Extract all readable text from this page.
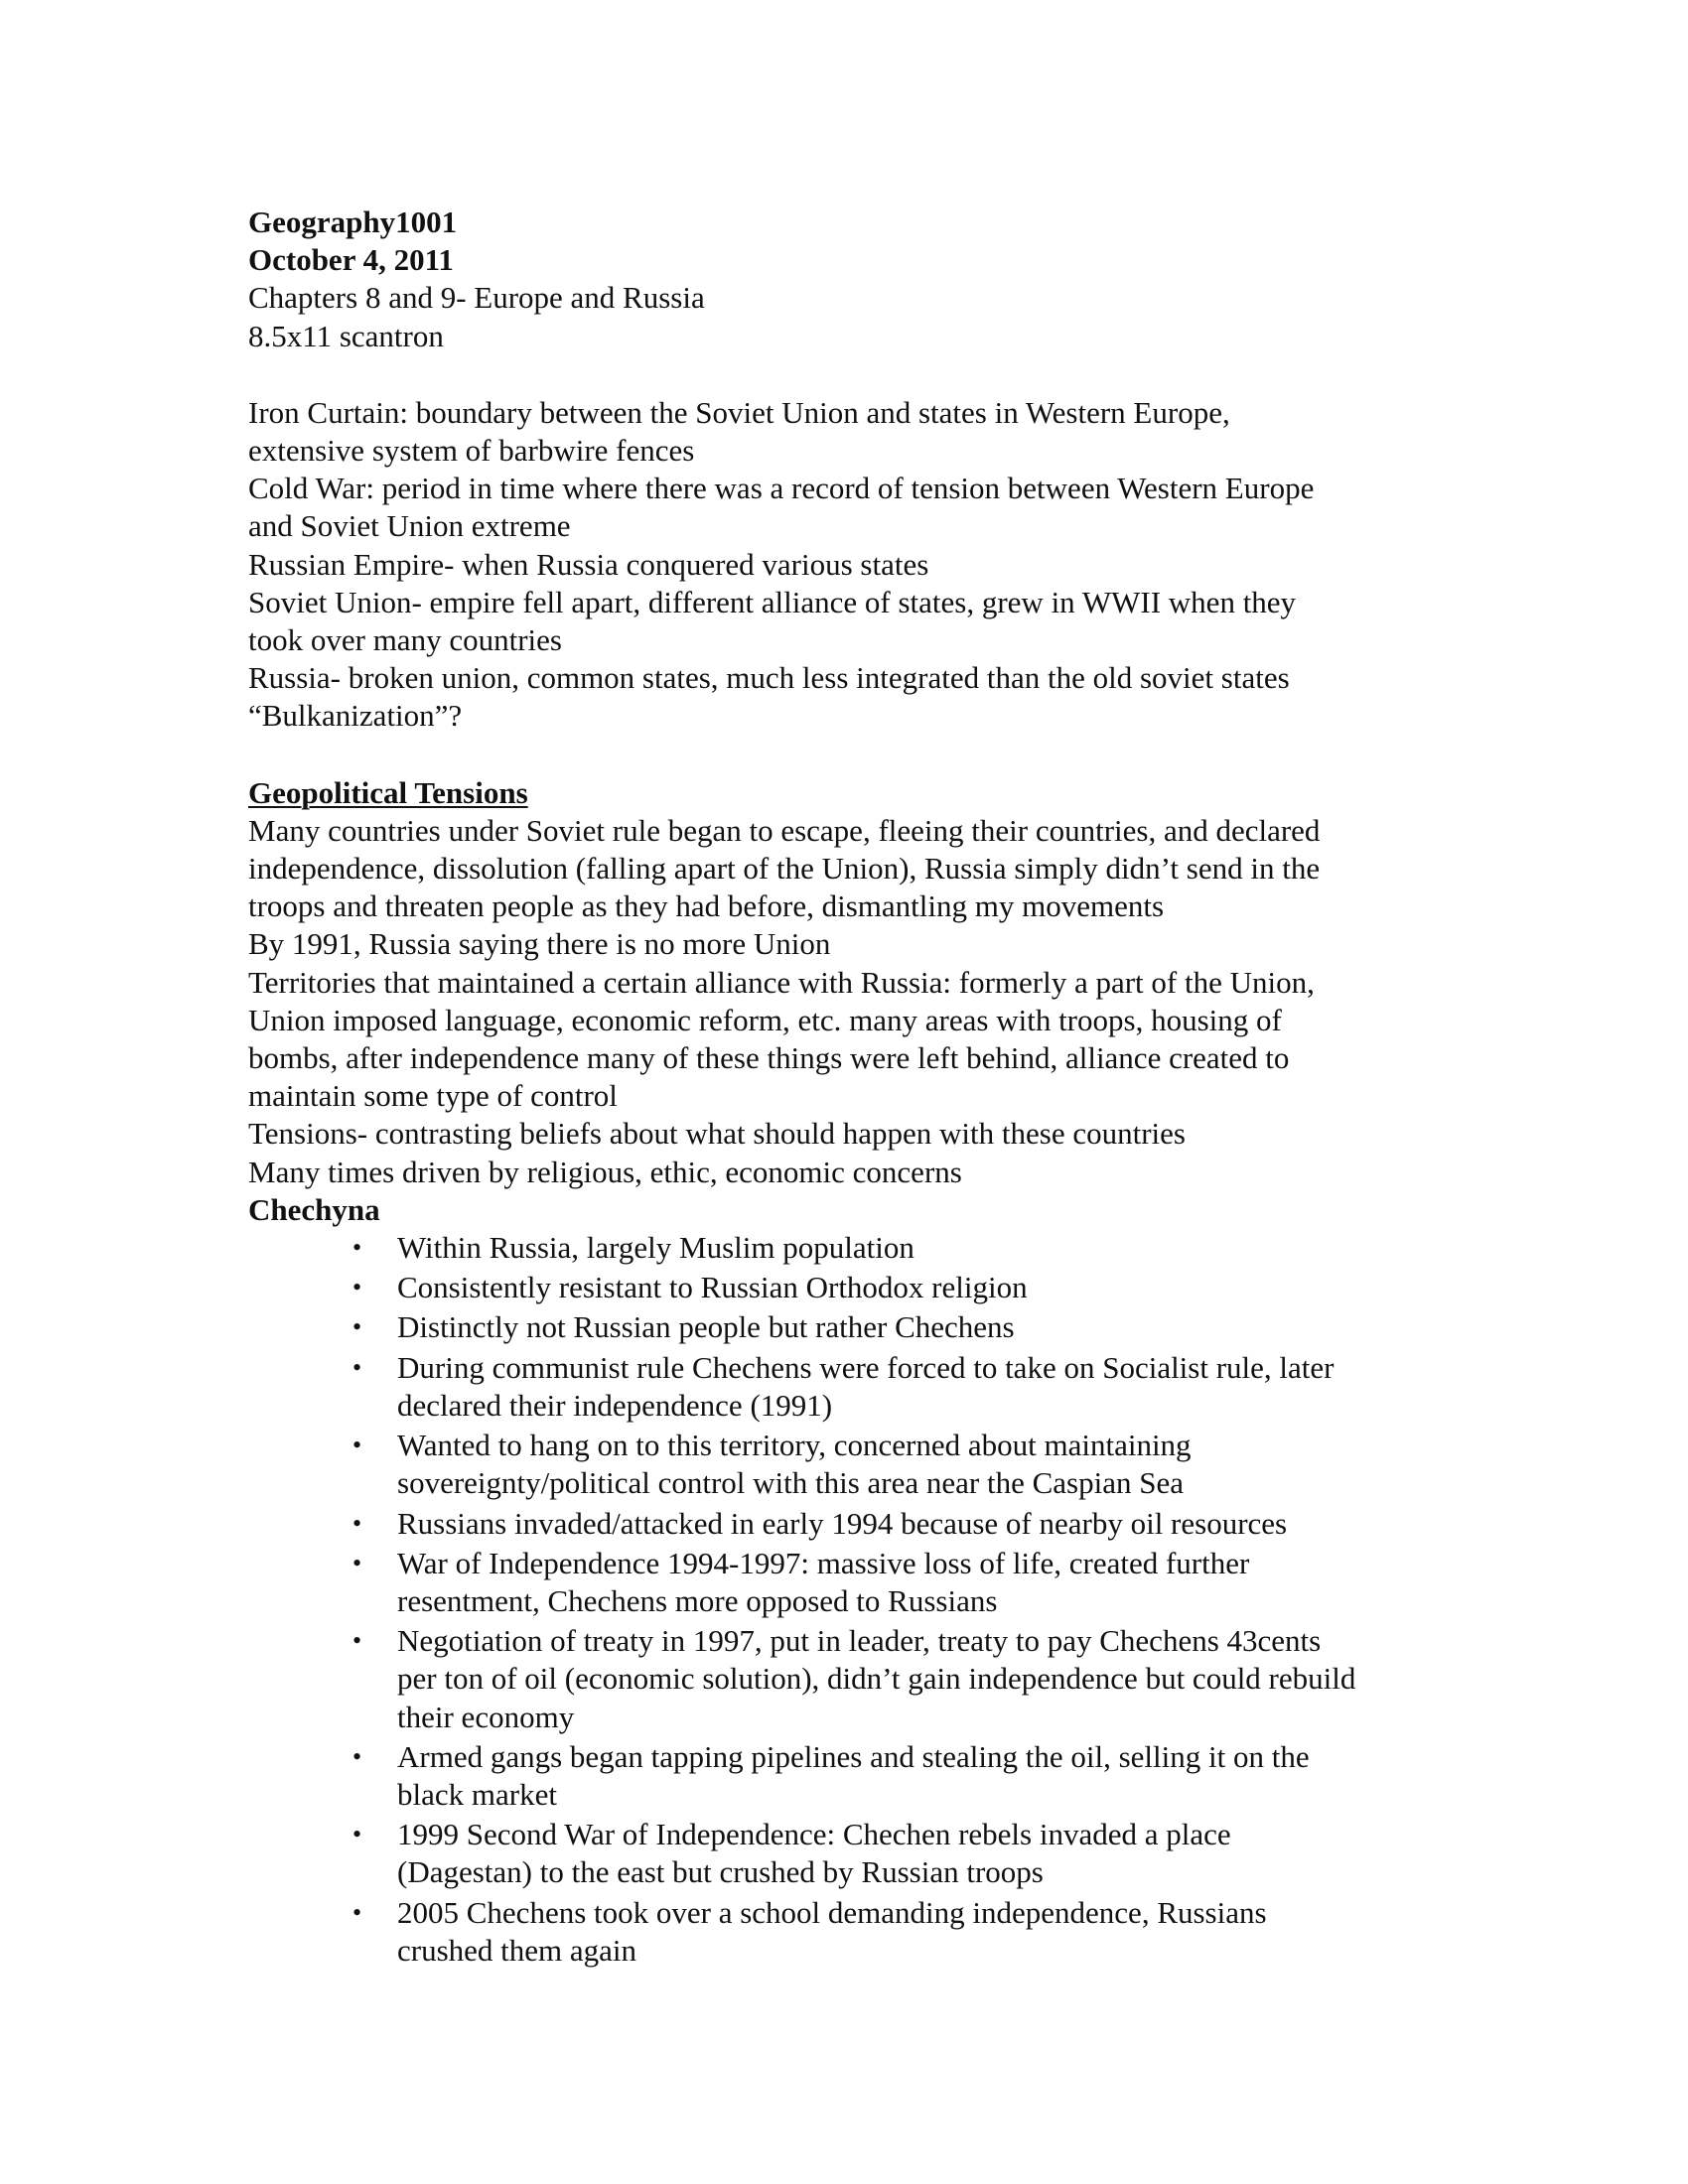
Geography1001
October 4, 2011
Chapters 8 and 9- Europe and Russia
8.5x11 scantron
Iron Curtain: boundary between the Soviet Union and states in Western Europe,
extensive system of barbwire fences
Cold War: period in time where there was a record of tension between Western Europe
and Soviet Union extreme
Russian Empire- when Russia conquered various states
Soviet Union- empire fell apart, different alliance of states, grew in WWII when they
took over many countries
Russia- broken union, common states, much less integrated than the old soviet states
“Bulkanization”?
Geopolitical Tensions
Many countries under Soviet rule began to escape, fleeing their countries, and declared
independence, dissolution (falling apart of the Union), Russia simply didn’t send in the
troops and threaten people as they had before, dismantling my movements
By 1991, Russia saying there is no more Union
Territories that maintained a certain alliance with Russia: formerly a part of the Union,
Union imposed language, economic reform, etc. many areas with troops, housing of
bombs, after independence many of these things were left behind, alliance created to
maintain some type of control
Tensions- contrasting beliefs about what should happen with these countries
Many times driven by religious, ethic, economic concerns
Chechyna
• Within Russia, largely Muslim population
• Consistently resistant to Russian Orthodox religion
• Distinctly not Russian people but rather Chechens
• During communist rule Chechens were forced to take on Socialist rule, later
declared their independence (1991)
• Wanted to hang on to this territory, concerned about maintaining
sovereignty/political control with this area near the Caspian Sea
• Russians invaded/attacked in early 1994 because of nearby oil resources
• War of Independence 1994-1997: massive loss of life, created further
resentment, Chechens more opposed to Russians
• Negotiation of treaty in 1997, put in leader, treaty to pay Chechens 43cents
per ton of oil (economic solution), didn’t gain independence but could rebuild
their economy
• Armed gangs began tapping pipelines and stealing the oil, selling it on the
black market
• 1999 Second War of Independence: Chechen rebels invaded a place
(Dagestan) to the east but crushed by Russian troops
• 2005 Chechens took over a school demanding independence, Russians
crushed them again
